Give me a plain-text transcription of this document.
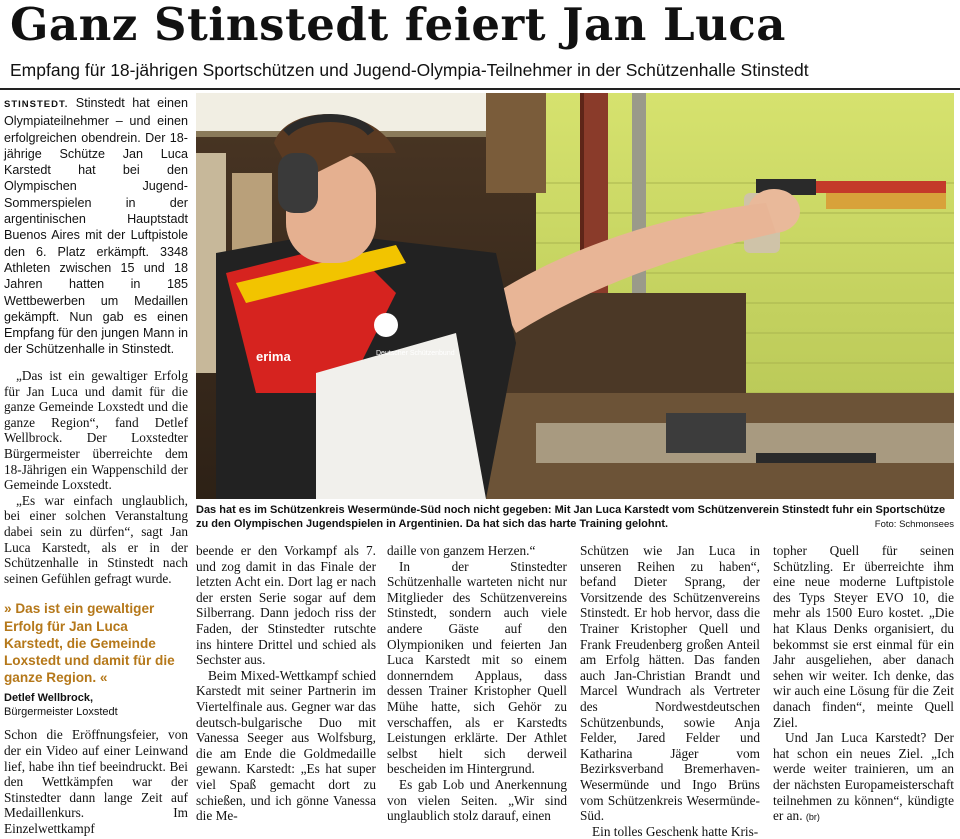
Ganz Stinstedt feiert Jan Luca
Empfang für 18-jährigen Sportschützen und Jugend-Olympia-Teilnehmer in der Schützenhalle Stinstedt

STINSTEDT. Stinstedt hat einen Olympiateilnehmer – und einen erfolgreichen obendrein. Der 18-jährige Schütze Jan Luca Karstedt hat bei den Olympischen Jugend-Sommerspielen in der argentinischen Hauptstadt Buenos Aires mit der Luftpistole den 6. Platz erkämpft. 3348 Athleten zwischen 15 und 18 Jahren hatten in 185 Wettbewerben um Medaillen gekämpft. Nun gab es einen Empfang für den jungen Mann in der Schützenhalle in Stinstedt.

„Das ist ein gewaltiger Erfolg für Jan Luca und damit für die ganze Gemeinde Loxstedt und die ganze Region“, fand Detlef Wellbrock. Der Loxstedter Bürgermeister überreichte dem 18-Jährigen ein Wappenschild der Gemeinde Loxstedt.

„Es war einfach unglaublich, bei einer solchen Veranstaltung dabei sein zu dürfen“, sagt Jan Luca Karstedt, als er in der Schützenhalle in Stinstedt nach seinen Gefühlen gefragt wurde.

» Das ist ein gewaltiger Erfolg für Jan Luca Karstedt, die Gemeinde Loxstedt und damit für die ganze Region. «

Detlef Wellbrock,

Bürgermeister Loxstedt

Schon die Eröffnungsfeier, von der ein Video auf einer Leinwand lief, habe ihn tief beeindruckt. Bei den Wettkämpfen war der Stinstedter dann lange Zeit auf Medaillenkurs. Im Einzelwettkampf

erima	Deutscher Schützenbund
Das hat es im Schützenkreis Wesermünde-Süd noch nicht gegeben: Mit Jan Luca Karstedt vom Schützenverein Stinstedt fuhr ein Sportschütze zu den Olympischen Jugendspielen in Argentinien. Da hat sich das harte Training gelohnt.	Foto: Schmonsees

beende er den Vorkampf als 7. und zog damit in das Finale der letzten Acht ein. Dort lag er nach der ersten Serie sogar auf dem Silberrang. Dann jedoch riss der Faden, der Stinstedter rutschte ins hintere Drittel und schied als Sechster aus.

Beim Mixed-Wettkampf schied Karstedt mit seiner Partnerin im Viertelfinale aus. Gegner war das deutsch-bulgarische Duo mit Vanessa Seeger aus Wolfsburg, die am Ende die Goldmedaille gewann. Karstedt: „Es hat super viel Spaß gemacht dort zu schießen, und ich gönne Vanessa die Me-

daille von ganzem Herzen.“

In der Stinstedter Schützenhalle warteten nicht nur Mitglieder des Schützenvereins Stinstedt, sondern auch viele andere Gäste auf den Olympioniken und feierten Jan Luca Karstedt mit so einem donnerndem Applaus, dass dessen Trainer Kristopher Quell Mühe hatte, sich Gehör zu verschaffen, als er Karstedts Leistungen erklärte. Der Athlet selbst hielt sich derweil bescheiden im Hintergrund.

Es gab Lob und Anerkennung von vielen Seiten. „Wir sind unglaublich stolz darauf, einen

Schützen wie Jan Luca in unseren Reihen zu haben“, befand Dieter Sprang, der Vorsitzende des Schützenvereins Stinstedt. Er hob hervor, dass die Trainer Kristopher Quell und Frank Freudenberg großen Anteil am Erfolg hätten. Das fanden auch Jan-Christian Brandt und Marcel Wundrach als Vertreter des Nordwestdeutschen Schützenbunds, sowie Anja Felder, Jared Felder und Katharina Jäger vom Bezirksverband Bremerhaven-Wesermünde und Ingo Brüns vom Schützenkreis Wesermünde-Süd.

Ein tolles Geschenk hatte Kris-

topher Quell für seinen Schützling. Er überreichte ihm eine neue moderne Luftpistole des Typs Steyer EVO 10, die mehr als 1500 Euro kostet. „Die hat Klaus Denks organisiert, du bekommst sie erst einmal für ein Jahr ausgeliehen, aber danach sehen wir weiter. Ich denke, das wir auch eine Lösung für die Zeit danach finden“, meinte Quell Ziel.

Und Jan Luca Karstedt? Der hat schon ein neues Ziel. „Ich werde weiter trainieren, um an der nächsten Europameisterschaft teilnehmen zu können“, kündigte er an. (br)
